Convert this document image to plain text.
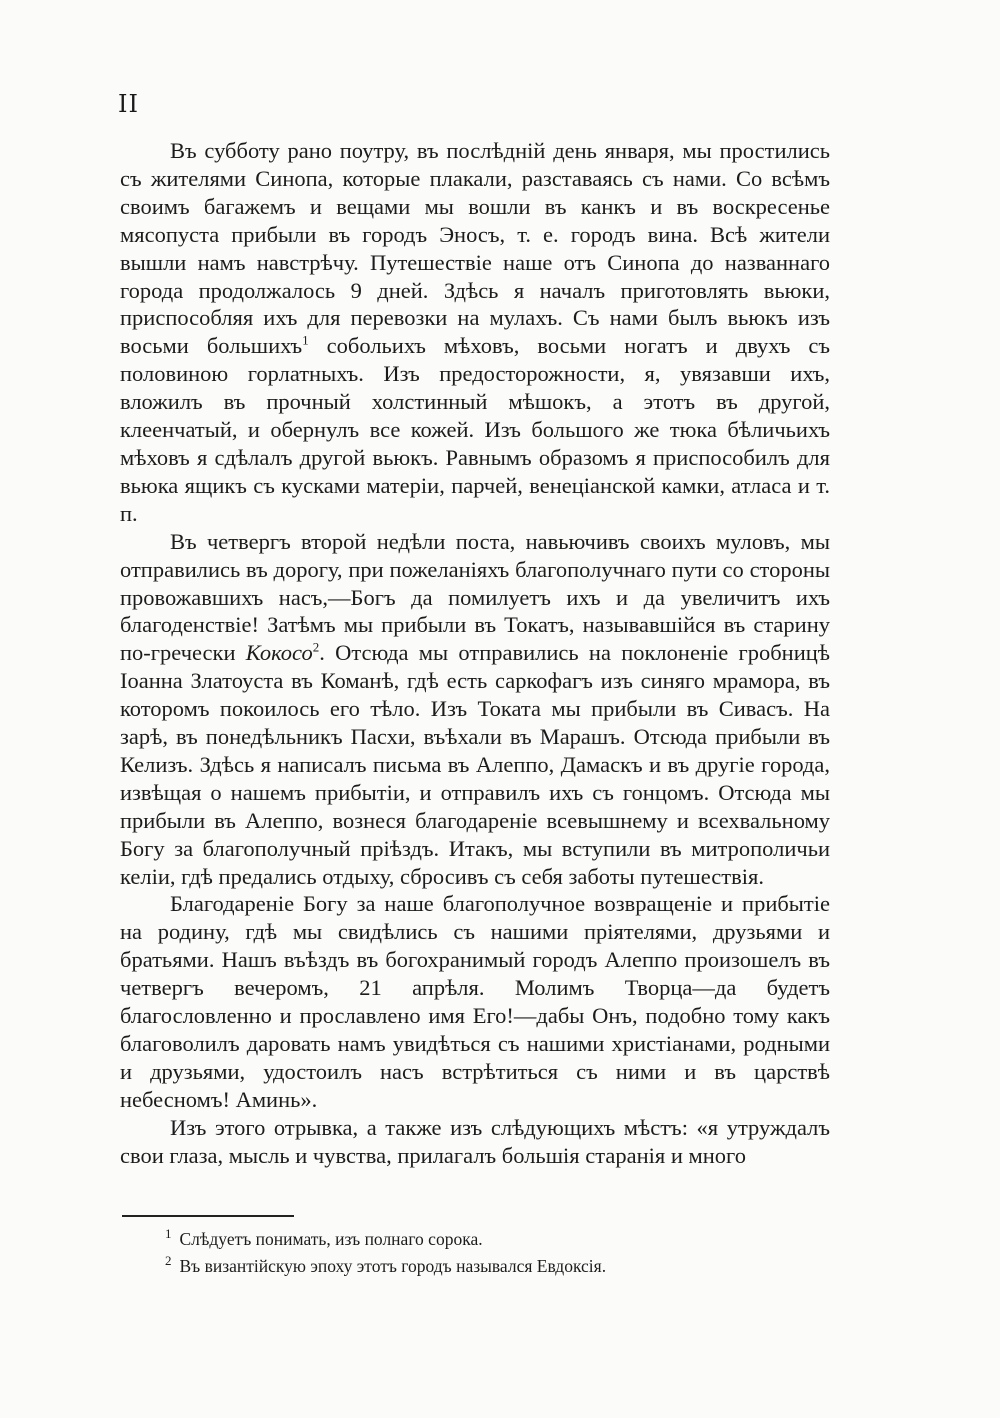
II

Въ субботу рано поутру, въ послѣдній день января, мы простились съ жителями Синопа, которые плакали, разставаясь съ нами. Со всѣмъ своимъ багажемъ и вещами мы вошли въ канкъ и въ воскресенье мясопуста прибыли въ городъ Эносъ, т. е. городъ вина. Всѣ жители вышли намъ навстрѣчу. Путешествіе наше отъ Синопа до названнаго города продолжалось 9 дней. Здѣсь я началъ приготовлять вьюки, приспособляя ихъ для перевозки на мулахъ. Съ нами былъ вьюкъ изъ восьми большихъ$^1$ собольихъ мѣховъ, восьми ногатъ и двухъ съ половиною горлатныхъ. Изъ предосторожности, я, увязавши ихъ, вложилъ въ прочный холстинный мѣшокъ, а этотъ въ другой, клеенчатый, и обернулъ все кожей. Изъ большого же тюка бѣличьихъ мѣховъ я сдѣлалъ другой вьюкъ. Равнымъ образомъ я приспособилъ для вьюка ящикъ съ кусками матеріи, парчей, венеціанской камки, атласа и т. п.

Въ четвергъ второй недѣли поста, навьючивъ своихъ муловъ, мы отправились въ дорогу, при пожеланіяхъ благополучнаго пути со стороны провожавшихъ насъ,—Богъ да помилуетъ ихъ и да увеличитъ ихъ благоденствіе! Затѣмъ мы прибыли въ Токатъ, называвшійся въ старину по-гречески Кокосо$^2$. Отсюда мы отправились на поклоненіе гробницѣ Іоанна Златоуста въ Команѣ, гдѣ есть саркофагъ изъ синяго мрамора, въ которомъ покоилось его тѣло. Изъ Токата мы прибыли въ Сивасъ. На зарѣ, въ понедѣльникъ Пасхи, въѣхали въ Марашъ. Отсюда прибыли въ Келизъ. Здѣсь я написалъ письма въ Алеппо, Дамаскъ и въ другіе города, извѣщая о нашемъ прибытіи, и отправилъ ихъ съ гонцомъ. Отсюда мы прибыли въ Алеппо, вознеся благодареніе всевышнему и всехвальному Богу за благополучный пріѣздъ. Итакъ, мы вступили въ митрополичьи келіи, гдѣ предались отдыху, сбросивъ съ себя заботы путешествія.

Благодареніе Богу за наше благополучное возвращеніе и прибытіе на родину, гдѣ мы свидѣлись съ нашими пріятелями, друзьями и братьями. Нашъ въѣздъ въ богохранимый городъ Алеппо произошелъ въ четвергъ вечеромъ, 21 апрѣля. Молимъ Творца—да будетъ благословленно и прославлено имя Его!—дабы Онъ, подобно тому какъ благоволилъ даровать намъ увидѣться съ нашими христіанами, родными и друзьями, удостоилъ насъ встрѣтиться съ ними и въ царствѣ небесномъ! Аминь».

Изъ этого отрывка, а также изъ слѣдующихъ мѣстъ: «я утруждалъ свои глаза, мысль и чувства, прилагалъ большія старанія и много

$^1$ Слѣдуетъ понимать, изъ полнаго сорока.
$^2$ Въ византійскую эпоху этотъ городъ назывался Евдоксія.
